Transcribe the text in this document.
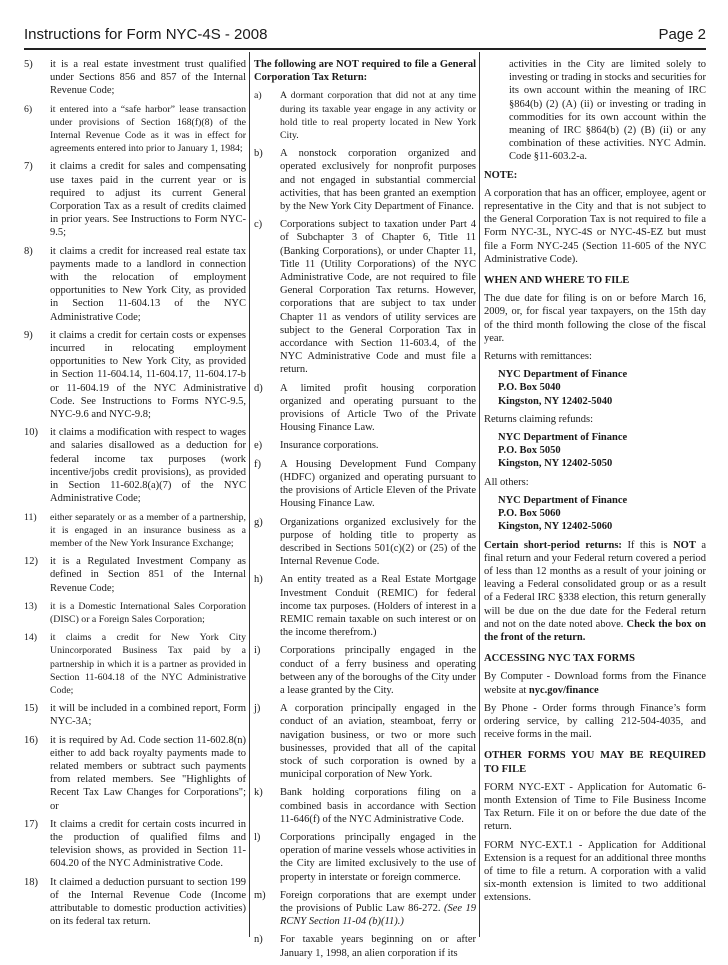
Instructions for Form NYC-4S - 2008	Page 2
5)	it is a real estate investment trust qualified under Sections 856 and 857 of the Internal Revenue Code;
6)	it entered into a “safe harbor” lease transaction under provisions of Section 168(f)(8) of the Internal Revenue Code as it was in effect for agreements entered into prior to January 1, 1984;
7)	it claims a credit for sales and compensating use taxes paid in the current year or is required to adjust its current General Corporation Tax as a result of credits claimed in prior years. See Instructions to Form NYC-9.5;
8)	it claims a credit for increased real estate tax payments made to a landlord in connection with the relocation of employment opportunities to New York City, as provided in Section 11-604.13 of the NYC Administrative Code;
9)	it claims a credit for certain costs or expenses incurred in relocating employment opportunities to New York City, as provided in Section 11-604.14, 11-604.17, 11-604.17-b or 11-604.19 of the NYC Administrative Code. See Instructions to Forms NYC-9.5, NYC-9.6 and NYC-9.8;
10)	it claims a modification with respect to wages and salaries disallowed as a deduction for federal income tax purposes (work incentive/jobs credit provisions), as provided in Section 11-602.8(a)(7) of the NYC Administrative Code;
11)	either separately or as a member of a partnership, it is engaged in an insurance business as a member of the New York Insurance Exchange;
12)	it is a Regulated Investment Company as defined in Section 851 of the Internal Revenue Code;
13)	it is a Domestic International Sales Corporation (DISC) or a Foreign Sales Corporation;
14)	it claims a credit for New York City Unincorporated Business Tax paid by a partnership in which it is a partner as provided in Section 11-604.18 of the NYC Administrative Code;
15)	it will be included in a combined report, Form NYC-3A;
16)	it is required by Ad. Code section 11-602.8(n) either to add back royalty payments made to related members or subtract such payments from related members. See "Highlights of Recent Tax Law Changes for Corporations"; or
17)	It claims a credit for certain costs incurred in the production of qualified films and television shows, as provided in Section 11-604.20 of the NYC Administrative Code.
18)	It claimed a deduction pursuant to section 199 of the Internal Revenue Code (Income attributable to domestic production activities) on its federal tax return.

The following are NOT required to file a General Corporation Tax Return:

a)	A dormant corporation that did not at any time during its taxable year engage in any activity or hold title to real property located in New York City.
b)	A nonstock corporation organized and operated exclusively for nonprofit purposes and not engaged in substantial commercial activities, that has been granted an exemption by the New York City Department of Finance.
c)	Corporations subject to taxation under Part 4 of Subchapter 3 of Chapter 6, Title 11 (Banking Corporations), or under Chapter 11, Title 11 (Utility Corporations) of the NYC Administrative Code, are not required to file General Corporation Tax returns. However, corporations that are subject to tax under Chapter 11 as vendors of utility services are subject to the General Corporation Tax in accordance with Section 11-603.4, of the NYC Administrative Code and must file a return.
d)	A limited profit housing corporation organized and operating pursuant to the provisions of Article Two of the Private Housing Finance Law.
e)	Insurance corporations.
f)	A Housing Development Fund Company (HDFC) organized and operating pursuant to the provisions of Article Eleven of the Private Housing Finance Law.
g)	Organizations organized exclusively for the purpose of holding title to property as described in Sections 501(c)(2) or (25) of the Internal Revenue Code.
h)	An entity treated as a Real Estate Mortgage Investment Conduit (REMIC) for federal income tax purposes. (Holders of interest in a REMIC remain taxable on such interest or on the income therefrom.)
i)	Corporations principally engaged in the conduct of a ferry business and operating between any of the boroughs of the City under a lease granted by the City.
j)	A corporation principally engaged in the conduct of an aviation, steamboat, ferry or navigation business, or two or more such businesses, provided that all of the capital stock of such corporation is owned by a municipal corporation of New York.
k)	Bank holding corporations filing on a combined basis in accordance with Section 11-646(f) of the NYC Administrative Code.
l)	Corporations principally engaged in the operation of marine vessels whose activities in the City are limited exclusively to the use of property in interstate or foreign commerce.
m)	Foreign corporations that are exempt under the provisions of Public Law 86-272. (See 19 RCNY Section 11-04 (b)(11).)
n)	For taxable years beginning on or after January 1, 1998, an alien corporation if its
activities in the City are limited solely to investing or trading in stocks and securities for its own account within the meaning of IRC §864(b) (2) (A) (ii) or investing or trading in commodities for its own account within the meaning of IRC §864(b) (2) (B) (ii) or any combination of these activities. NYC Admin. Code §11-603.2-a.

NOTE:

A corporation that has an officer, employee, agent or representative in the City and that is not subject to the General Corporation Tax is not required to file a Form NYC-3L, NYC-4S or NYC-4S-EZ but must file a Form NYC-245 (Section 11-605 of the NYC Administrative Code).

WHEN AND WHERE TO FILE

The due date for filing is on or before March 16, 2009, or, for fiscal year taxpayers, on the 15th day of the third month following the close of the fiscal year.

Returns with remittances:

NYC Department of Finance
P.O. Box 5040
Kingston, NY 12402-5040

Returns claiming refunds:

NYC Department of Finance
P.O. Box 5050
Kingston, NY 12402-5050

All others:

NYC Department of Finance
P.O. Box 5060
Kingston, NY 12402-5060

Certain short-period returns: If this is NOT a final return and your Federal return covered a period of less than 12 months as a result of your joining or leaving a Federal consolidated group or as a result of a Federal IRC §338 election, this return generally will be due on the due date for the Federal return and not on the date noted above. Check the box on the front of the return.

ACCESSING NYC TAX FORMS

By Computer - Download forms from the Finance website at nyc.gov/finance

By Phone - Order forms through Finance’s form ordering service, by calling 212-504-4035, and receive forms in the mail.

OTHER FORMS YOU MAY BE REQUIRED TO FILE

FORM NYC-EXT - Application for Automatic 6-month Extension of Time to File Business Income Tax Return. File it on or before the due date of the return.

FORM NYC-EXT.1 - Application for Additional Extension is a request for an additional three months of time to file a return. A corporation with a valid six-month extension is limited to two additional extensions.
